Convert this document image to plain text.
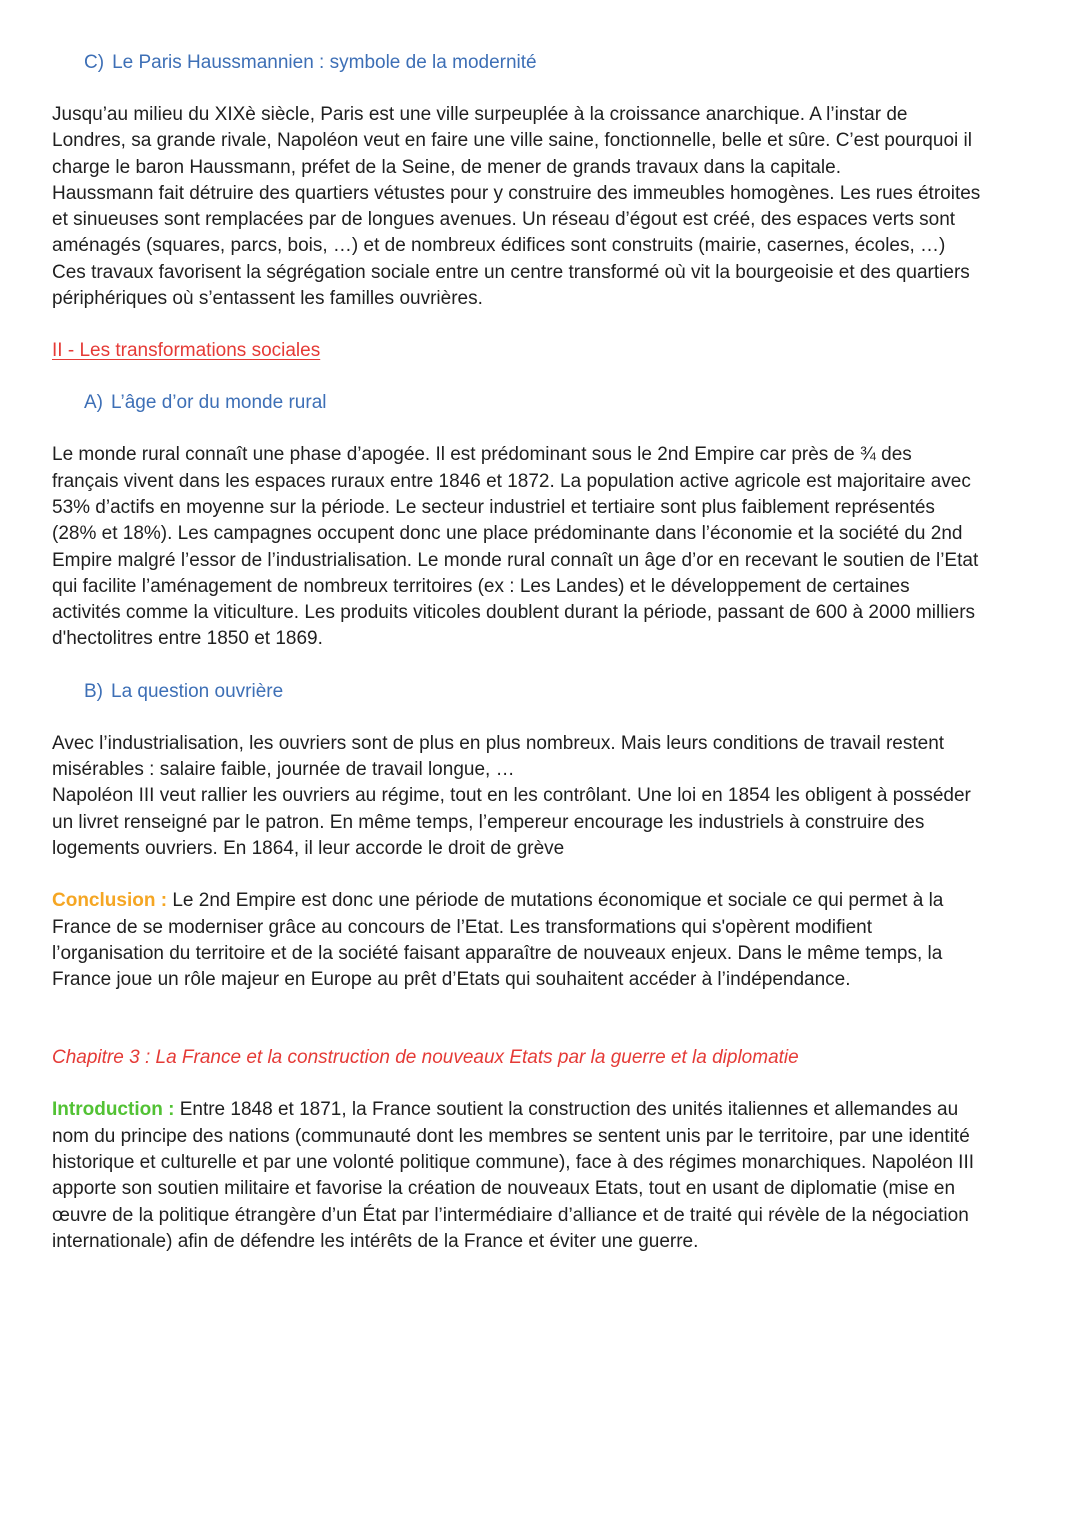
C) Le Paris Haussmannien : symbole de la modernité
Jusqu’au milieu du XIXè siècle, Paris est une ville surpeuplée à la croissance anarchique. A l’instar de
Londres, sa grande rivale, Napoléon veut en faire une ville saine, fonctionnelle, belle et sûre. C’est pourquoi il
charge le baron Haussmann, préfet de la Seine, de mener de grands travaux dans la capitale.
Haussmann fait détruire des quartiers vétustes pour y construire des immeubles homogènes. Les rues étroites
et sinueuses sont remplacées par de longues avenues. Un réseau d’égout est créé, des espaces verts sont
aménagés (squares, parcs, bois, …) et de nombreux édifices sont construits (mairie, casernes, écoles, …)
Ces travaux favorisent la ségrégation sociale entre un centre transformé où vit la bourgeoisie et des quartiers
périphériques où s’entassent les familles ouvrières.
II - Les transformations sociales
A) L’âge d’or du monde rural
Le monde rural connaît une phase d’apogée. Il est prédominant sous le 2nd Empire car près de ¾ des
français vivent dans les espaces ruraux entre 1846 et 1872. La population active agricole est majoritaire avec
53% d’actifs en moyenne sur la période. Le secteur industriel et tertiaire sont plus faiblement représentés
(28% et 18%). Les campagnes occupent donc une place prédominante dans l’économie et la société du 2nd
Empire malgré l’essor de l’industrialisation. Le monde rural connaît un âge d’or en recevant le soutien de l’Etat
qui facilite l’aménagement de nombreux territoires (ex : Les Landes) et le développement de certaines
activités comme la viticulture. Les produits viticoles doublent durant la période, passant de 600 à 2000 milliers
d'hectolitres entre 1850 et 1869.
B) La question ouvrière
Avec l’industrialisation, les ouvriers sont de plus en plus nombreux. Mais leurs conditions de travail restent
misérables : salaire faible, journée de travail longue, …
Napoléon III veut rallier les ouvriers au régime, tout en les contrôlant. Une loi en 1854 les obligent à posséder
un livret renseigné par le patron. En même temps, l’empereur encourage les industriels à construire des
logements ouvriers. En 1864, il leur accorde le droit de grève
Conclusion : Le 2nd Empire est donc une période de mutations économique et sociale ce qui permet à la
France de se moderniser grâce au concours de l’Etat. Les transformations qui s'opèrent modifient
l’organisation du territoire et de la société faisant apparaître de nouveaux enjeux. Dans le même temps, la
France joue un rôle majeur en Europe au prêt d’Etats qui souhaitent accéder à l’indépendance.
Chapitre 3 : La France et la construction de nouveaux Etats par la guerre et la diplomatie
Introduction : Entre 1848 et 1871, la France soutient la construction des unités italiennes et allemandes au
nom du principe des nations (communauté dont les membres se sentent unis par le territoire, par une identité
historique et culturelle et par une volonté politique commune), face à des régimes monarchiques. Napoléon III
apporte son soutien militaire et favorise la création de nouveaux Etats, tout en usant de diplomatie (mise en
œuvre de la politique étrangère d’un État par l’intermédiaire d’alliance et de traité qui révèle de la négociation
internationale) afin de défendre les intérêts de la France et éviter une guerre.
